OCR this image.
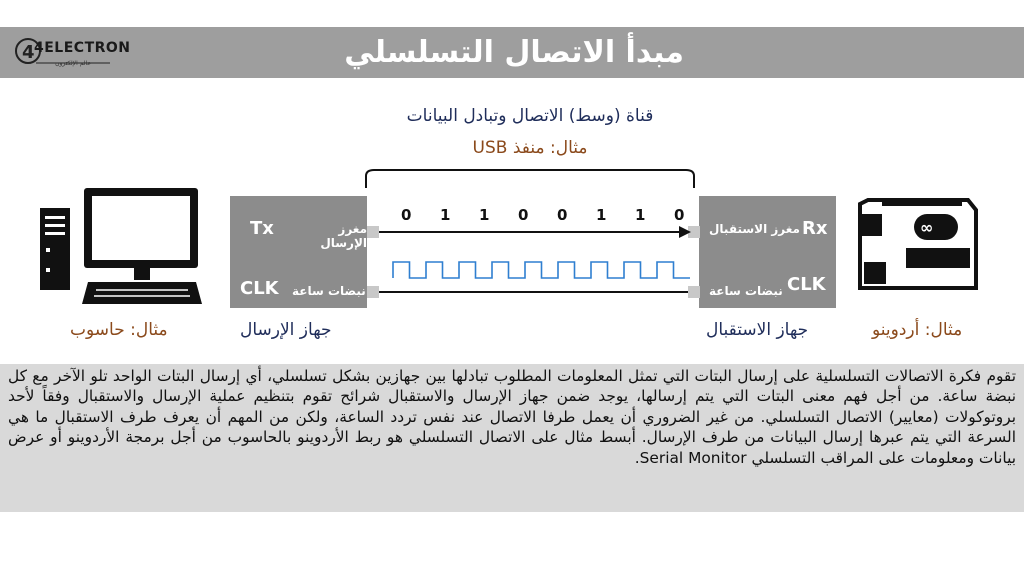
مبدأ الاتصال التسلسلي
4 4ELECTRON
عالم الإلكترون
قناة (وسط) الاتصال وتبادل البيانات
مثال: منفذ USB
Tx	مغرز الإرسال
CLK نبضات ساعة
مغرز الاستقبال Rx
نبضات ساعة CLK
0 1 1 0 0 1 1 0
∞
جهاز الإرسال
مثال: حاسوب	جهاز الاستقبال	مثال: أردوينو
تقوم فكرة الاتصالات التسلسلية على إرسال البتات التي تمثل المعلومات المطلوب تبادلها بين جهازين بشكل تسلسلي، أي إرسال البتات الواحد تلو الآخر مع كل نبضة ساعة. من أجل فهم معنى البتات التي يتم إرسالها، يوجد ضمن جهاز الإرسال والاستقبال شرائح تقوم بتنظيم عملية الإرسال والاستقبال وفقاً لأحد بروتوكولات (معايير) الاتصال التسلسلي. من غير الضروري أن يعمل طرفا الاتصال عند نفس تردد الساعة، ولكن من المهم أن يعرف طرف الاستقبال ما هي السرعة التي يتم عبرها إرسال البيانات من طرف الإرسال. أبسط مثال على الاتصال التسلسلي هو ربط الأردوينو بالحاسوب من أجل برمجة الأردوينو أو عرض بيانات ومعلومات على المراقب التسلسلي Serial Monitor.
